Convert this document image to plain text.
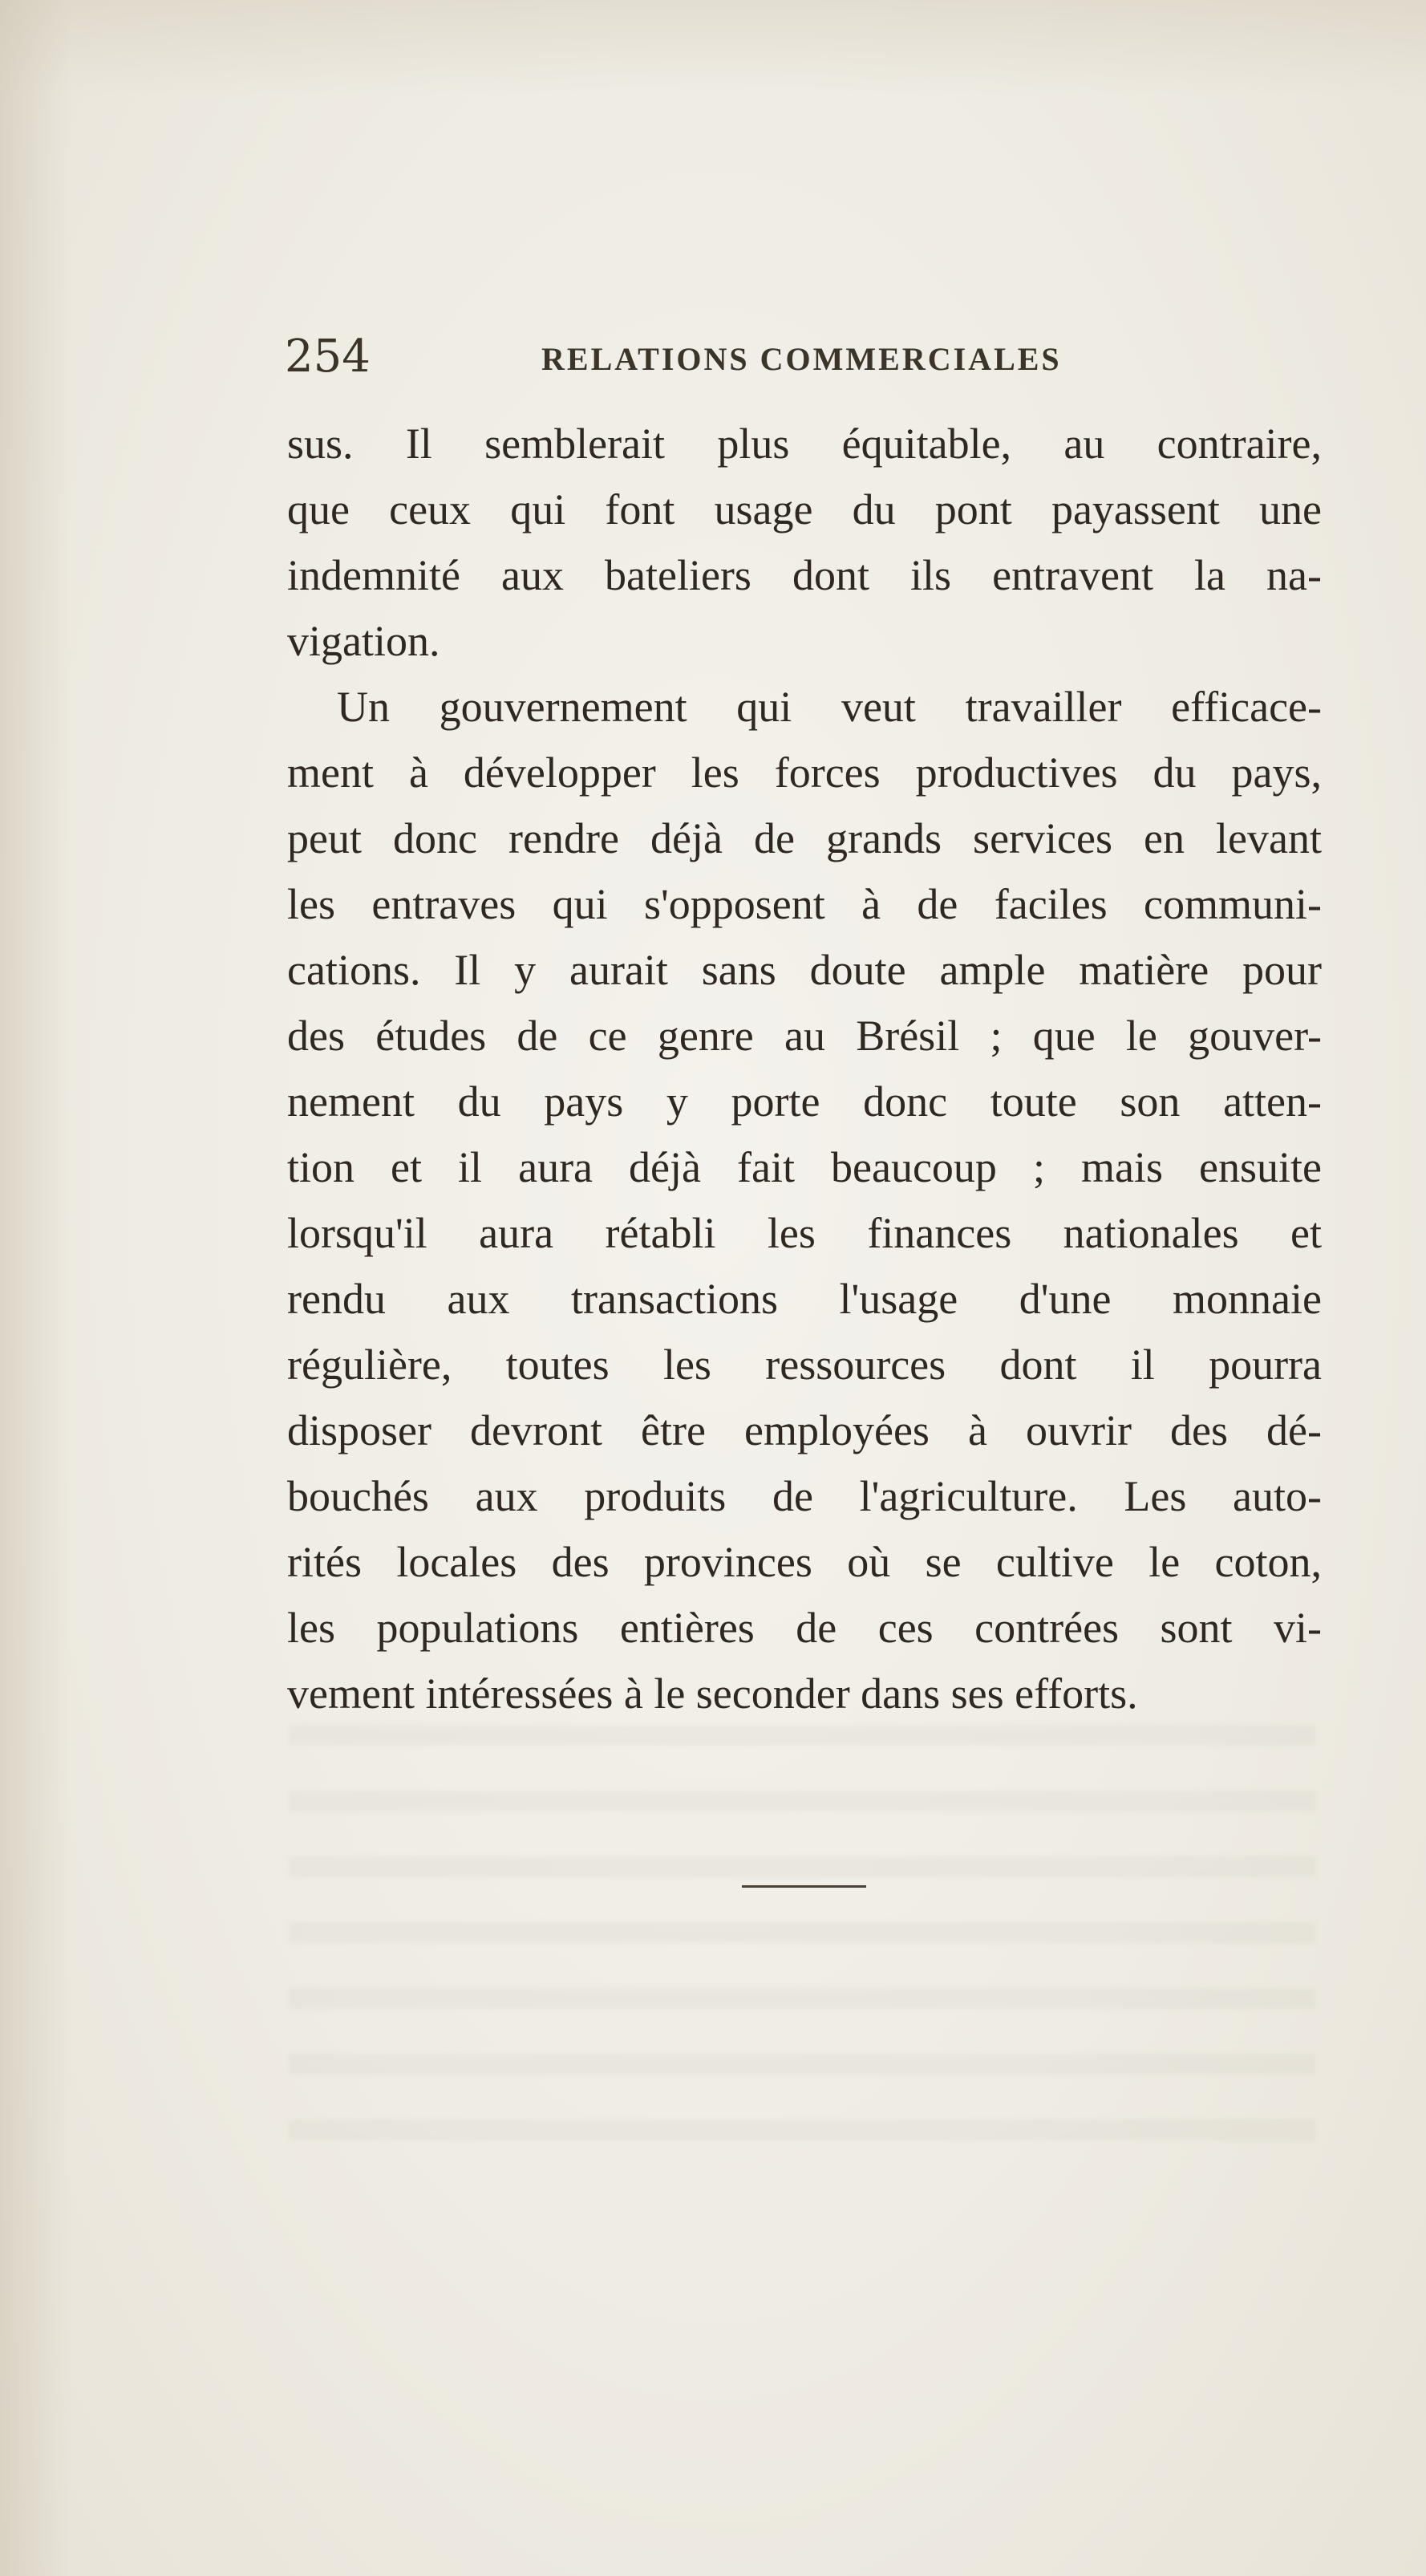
254	RELATIONS COMMERCIALES
sus. Il semblerait plus équitable, au contraire,
que ceux qui font usage du pont payassent une
indemnité aux bateliers dont ils entravent la na-
vigation.
Un gouvernement qui veut travailler efficace-
ment à développer les forces productives du pays,
peut donc rendre déjà de grands services en levant
les entraves qui s'opposent à de faciles communi-
cations. Il y aurait sans doute ample matière pour
des études de ce genre au Brésil ; que le gouver-
nement du pays y porte donc toute son atten-
tion et il aura déjà fait beaucoup ; mais ensuite
lorsqu'il aura rétabli les finances nationales et
rendu aux transactions l'usage d'une monnaie
régulière, toutes les ressources dont il pourra
disposer devront être employées à ouvrir des dé-
bouchés aux produits de l'agriculture. Les auto-
rités locales des provinces où se cultive le coton,
les populations entières de ces contrées sont vi-
vement intéressées à le seconder dans ses efforts.
